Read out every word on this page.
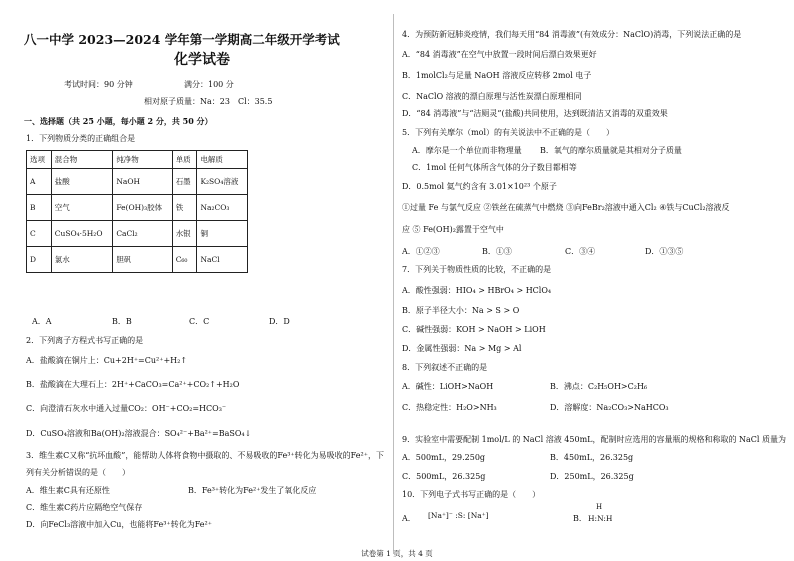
八一中学 2023—2024 学年第一学期高二年级开学考试
化学试卷
考试时间：90 分钟	满分：100 分
相对原子质量：Na：23　Cl：35.5
一、选择题（共 25 小题，每小题 2 分，共 50 分）
1．下列物质分类的正确组合是
选项	混合物	纯净物	单质	电解质
A	盐酸	NaOH	石墨	K₂SO₄溶液
B	空气	Fe(OH)₃胶体	铁	Na₂CO₃
C	CuSO₄·5H₂O	CaCl₂	水银	铜
D	氯水	胆矾	C₆₀	NaCl
A．A	B．B	C．C	D．D
2．下列离子方程式书写正确的是
A．盐酸滴在铜片上：Cu+2H⁺=Cu²⁺+H₂↑
B．盐酸滴在大理石上：2H⁺+CaCO₃=Ca²⁺+CO₂↑+H₂O
C．向澄清石灰水中通入过量CO₂：OH⁻+CO₂=HCO₃⁻
D．CuSO₄溶液和Ba(OH)₂溶液混合：SO₄²⁻+Ba²⁺=BaSO₄↓
3．维生素C又称“抗坏血酸”，能帮助人体将食物中摄取的、不易吸收的Fe³⁺转化为易吸收的Fe²⁺，下
列有关分析错误的是（　　）
A．维生素C具有还原性	B．Fe³⁺转化为Fe²⁺发生了氧化反应
C．维生素C药片应隔绝空气保存
D．向FeCl₃溶液中加入Cu，也能将Fe³⁺转化为Fe²⁺
4．为预防新冠肺炎疫情，我们每天用“84 消毒液”(有效成分：NaClO)消毒，下列说法正确的是
A．“84 消毒液”在空气中放置一段时间后漂白效果更好
B．1molCl₂与足量 NaOH 溶液反应转移 2mol 电子
C．NaClO 溶液的漂白原理与活性炭漂白原理相同
D．“84 消毒液”与“洁厕灵”(盐酸)共同使用，达到既清洁又消毒的双重效果
5．下列有关摩尔（mol）的有关说法中不正确的是（　　）
A．摩尔是一个单位而非物理量 B．氧气的摩尔质量就是其相对分子质量
C．1mol 任何气体所含气体的分子数目都相等
D．0.5mol 氦气约含有 3.01×10²³ 个原子
①过量 Fe 与氯气反应 ②铁丝在硫蒸气中燃烧 ③向FeBr₂溶液中通入Cl₂ ④铁与CuCl₂溶液反
应 ⑤ Fe(OH)₂露置于空气中
A．①②③	B．①③	C．③④	D．①③⑤
7．下列关于物质性质的比较，不正确的是
A．酸性强弱：HIO₄ > HBrO₄ > HClO₄
B．原子半径大小：Na > S > O
C．碱性强弱：KOH > NaOH > LiOH
D．金属性强弱：Na > Mg > Al
8．下列叙述不正确的是
A．碱性：LiOH>NaOH	B．沸点：C₂H₅OH>C₂H₆
C．热稳定性：H₂O>NH₃	D．溶解度：Na₂CO₃>NaHCO₃
9．实验室中需要配制 1mol/L 的 NaCl 溶液 450mL，配制时应选用的容量瓶的规格和称取的 NaCl 质量为
A．500mL，29.250g	B．450mL，26.325g
C．500mL，26.325g	D．250mL，26.325g
10．下列电子式书写正确的是（　　）
A． [Na⁺]⁻ :S: [Na⁺]	B．
H
H:N:H
试卷第 1 页，共 4 页
